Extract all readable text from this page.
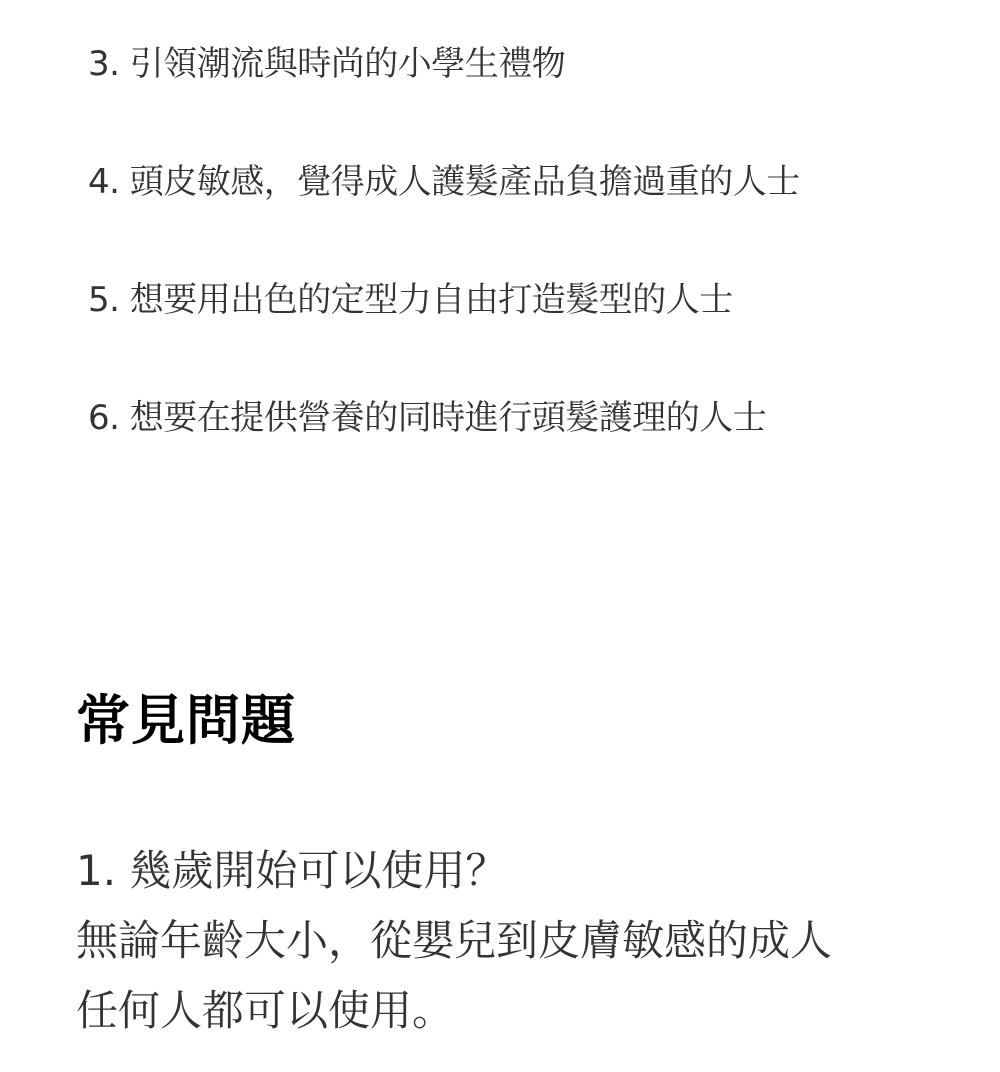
3. 引領潮流與時尚的小學生禮物
4. 頭皮敏感，覺得成人護髮產品負擔過重的人士
5. 想要用出色的定型力自由打造髮型的人士
6. 想要在提供營養的同時進行頭髮護理的人士
常見問題
1. 幾歲開始可以使用？
無論年齡大小，從嬰兒到皮膚敏感的成人
任何人都可以使用。
